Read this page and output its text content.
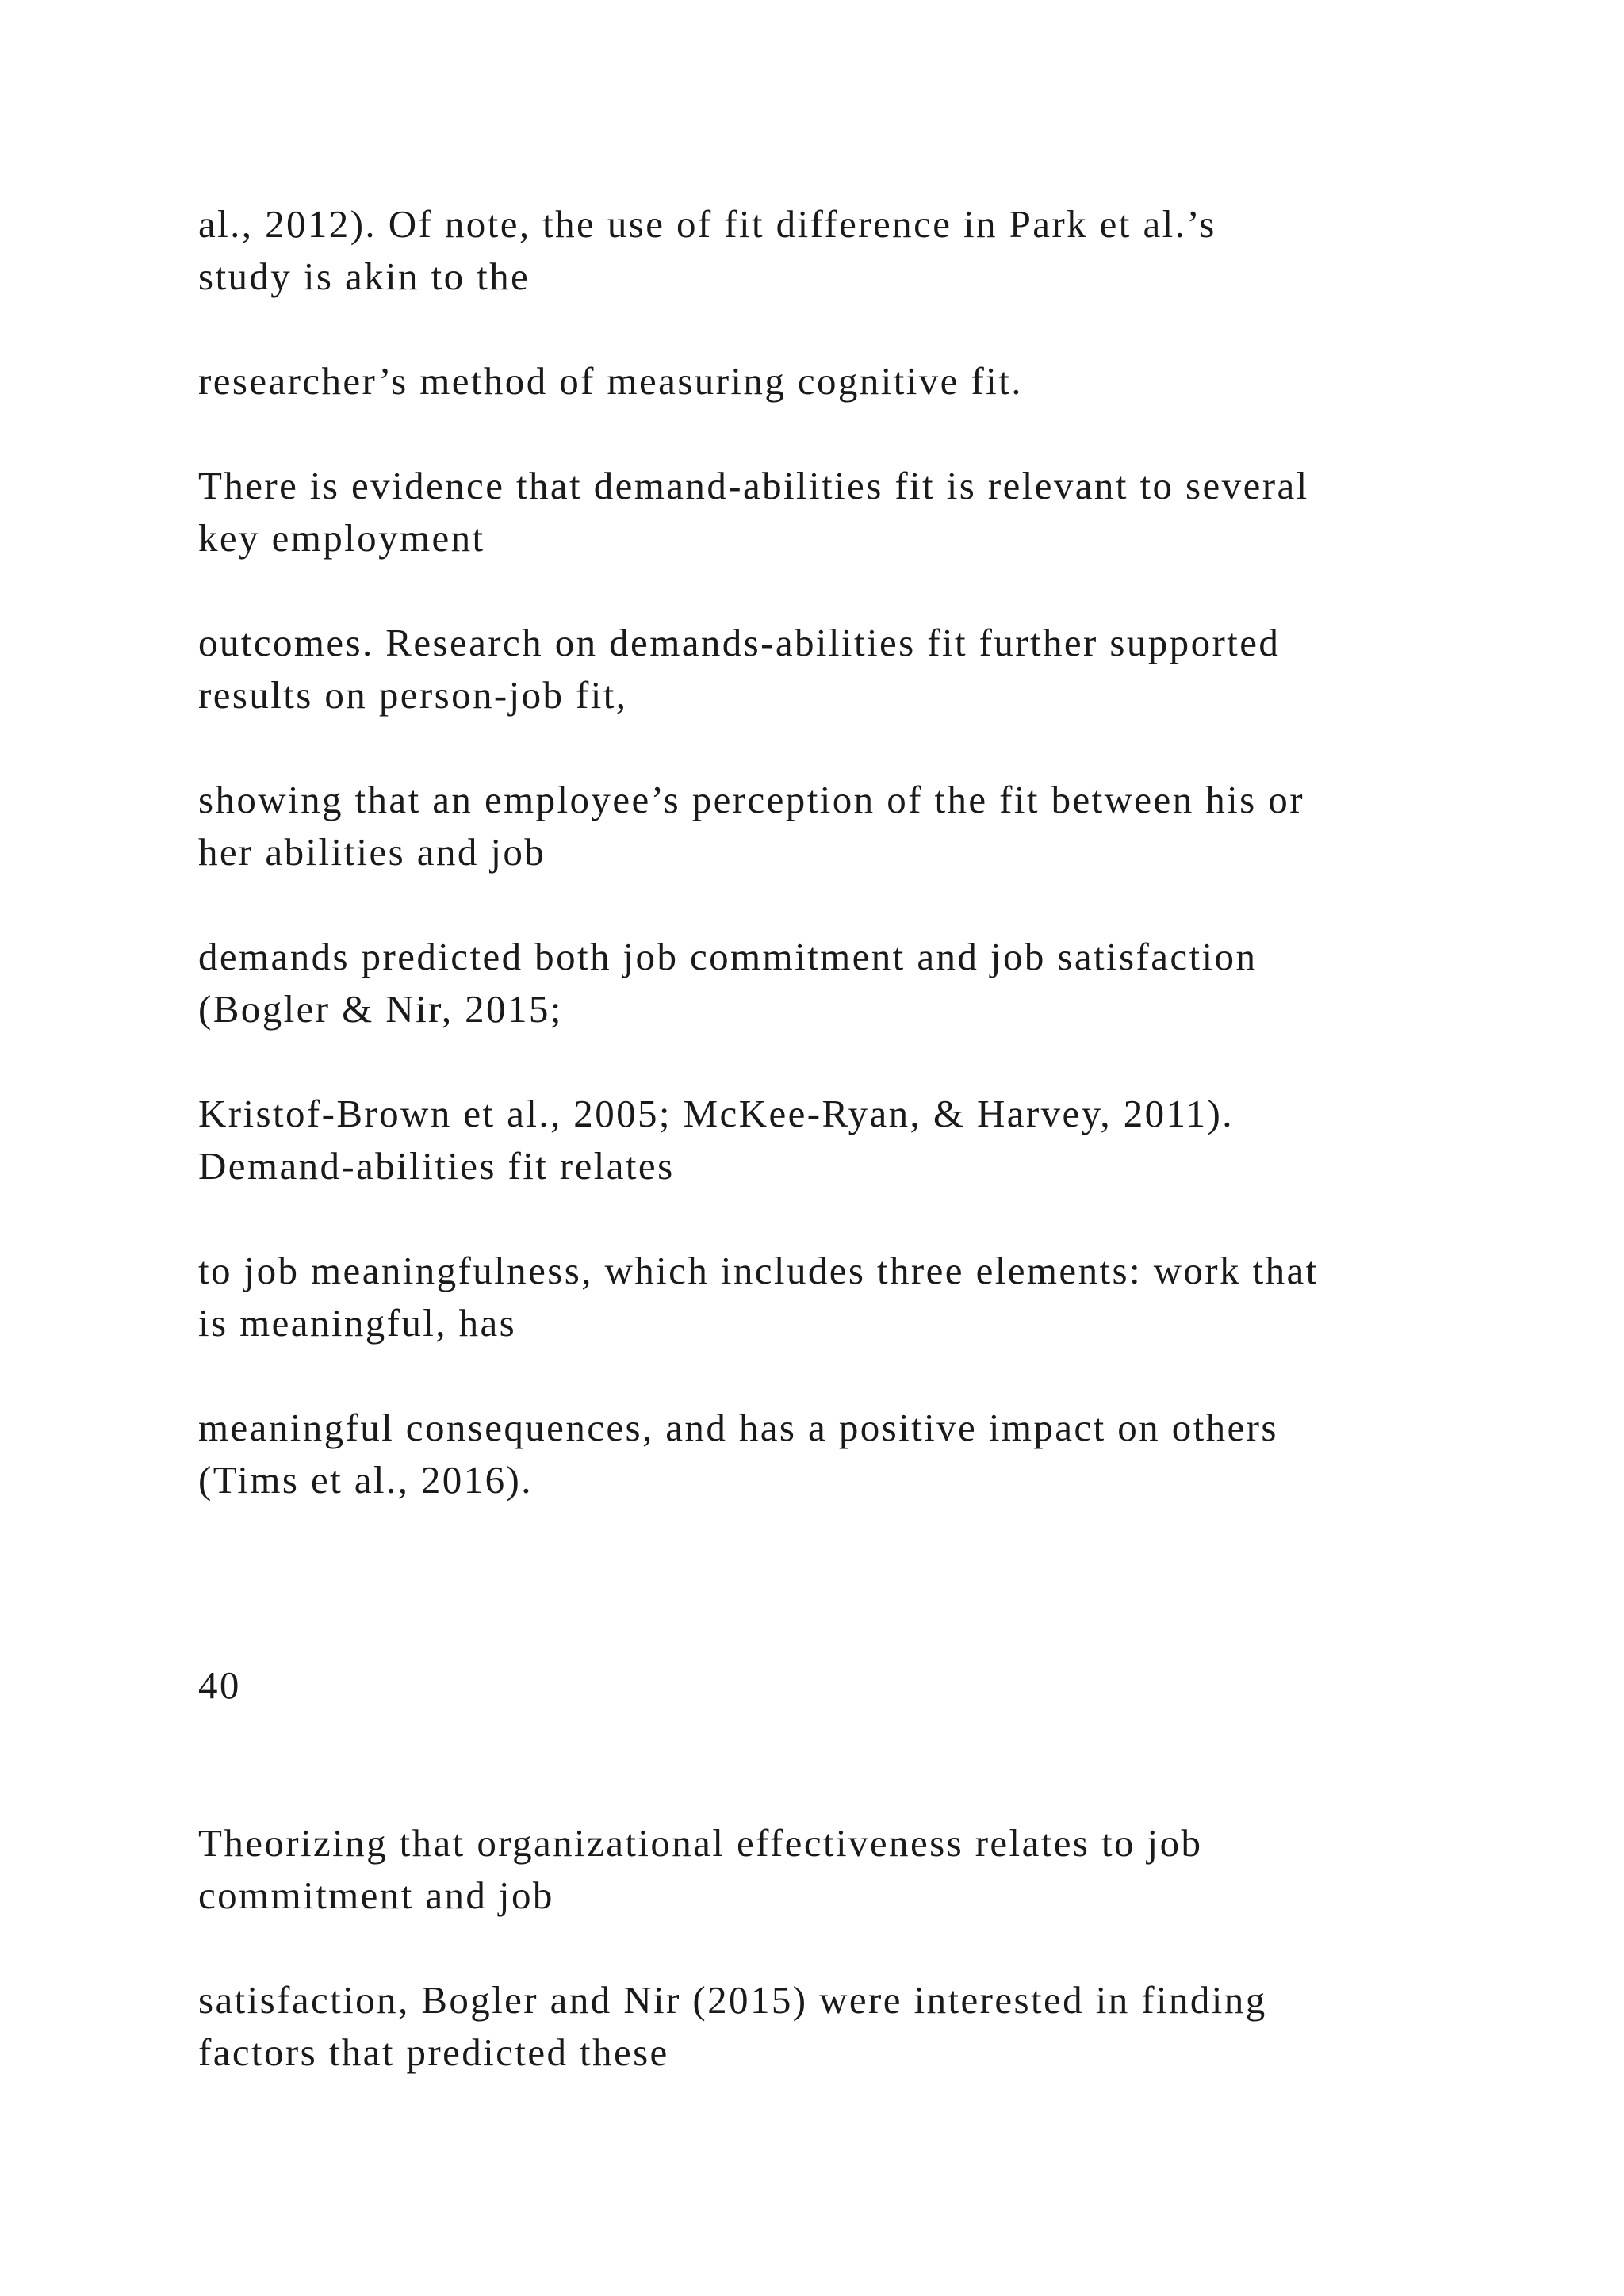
al., 2012). Of note, the use of fit difference in Park et al.’s
study is akin to the

researcher’s method of measuring cognitive fit.

There is evidence that demand-abilities fit is relevant to several
key employment

outcomes. Research on demands-abilities fit further supported
results on person-job fit,

showing that an employee’s perception of the fit between his or
her abilities and job

demands predicted both job commitment and job satisfaction
(Bogler & Nir, 2015;

Kristof-Brown et al., 2005; McKee-Ryan, & Harvey, 2011).
Demand-abilities fit relates

to job meaningfulness, which includes three elements: work that
is meaningful, has

meaningful consequences, and has a positive impact on others
(Tims et al., 2016).

40

Theorizing that organizational effectiveness relates to job
commitment and job

satisfaction, Bogler and Nir (2015) were interested in finding
factors that predicted these
